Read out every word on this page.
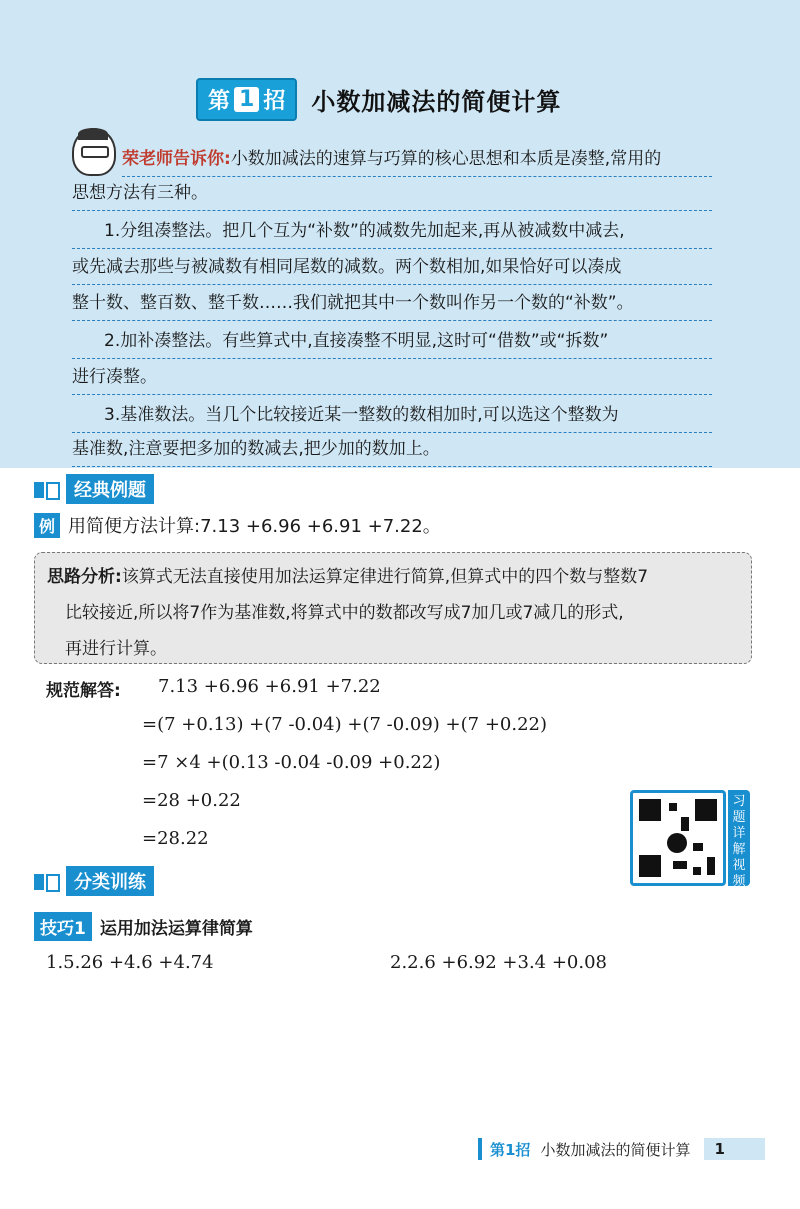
第 1 招 小数加减法的简便计算
荣老师告诉你:小数加减法的速算与巧算的核心思想和本质是凑整,常用的
思想方法有三种。
1.分组凑整法。把几个互为“补数”的减数先加起来,再从被减数中减去,
或先减去那些与被减数有相同尾数的减数。两个数相加,如果恰好可以凑成
整十数、整百数、整千数……我们就把其中一个数叫作另一个数的“补数”。
2.加补凑整法。有些算式中,直接凑整不明显,这时可“借数”或“拆数”
进行凑整。
3.基准数法。当几个比较接近某一整数的数相加时,可以选这个整数为
基准数,注意要把多加的数减去,把少加的数加上。
经典例题
例 用简便方法计算:7.13 +6.96 +6.91 +7.22。
思路分析:该算式无法直接使用加法运算定律进行简算,但算式中的四个数与整数7
比较接近,所以将7作为基准数,将算式中的数都改写成7加几或7减几的形式,
再进行计算。
规范解答: 7.13 +6.96 +6.91 +7.22
=(7 +0.13) +(7 -0.04) +(7 -0.09) +(7 +0.22)
=7 ×4 +(0.13 -0.04 -0.09 +0.22)
=28 +0.22
=28.22
习题详解视频
分类训练
技巧1 运用加法运算律简算
1.5.26 +4.6 +4.74	2.2.6 +6.92 +3.4 +0.08
第1招 小数加减法的简便计算	1
